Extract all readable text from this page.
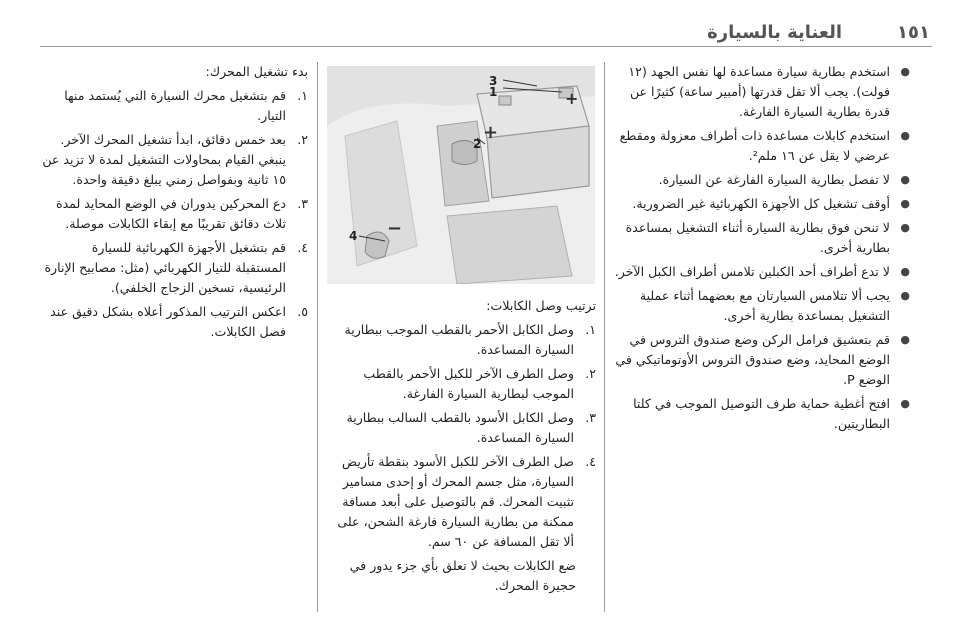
١٥١
العناية بالسيارة
● استخدم بطارية سيارة مساعدة لها نفس الجهد (١٢ فولت). يجب ألا تقل قدرتها (أمبير ساعة) كثيرًا عن قدرة بطارية السيارة الفارغة.
● استخدم كابلات مساعدة ذات أطراف معزولة ومقطع عرضي لا يقل عن ١٦ ملم².
● لا تفصل بطارية السيارة الفارغة عن السيارة.
● أوقف تشغيل كل الأجهزة الكهربائية غير الضرورية.
● لا تنحن فوق بطارية السيارة أثناء التشغيل بمساعدة بطارية أخرى.
● لا تدع أطراف أحد الكبلين تلامس أطراف الكبل الآخر.
● يجب ألا تتلامس السيارتان مع بعضهما أثناء عملية التشغيل بمساعدة بطارية أخرى.
● قم بتعشيق فرامل الركن وضع صندوق التروس في الوضع المحايد، وضع صندوق التروس الأوتوماتيكي في الوضع P.
● افتح أغطية حماية طرف التوصيل الموجب في كلتا البطاريتين.
+
+
−
3
1
2
4

ترتيب وصل الكابلات:

١.
وصل الكابل الأحمر بالقطب الموجب ببطارية السيارة المساعدة.
٢.
وصل الطرف الآخر للكبل الأحمر بالقطب الموجب لبطارية السيارة الفارغة.
٣.
وصل الكابل الأسود بالقطب السالب ببطارية السيارة المساعدة.
٤.
صل الطرف الآخر للكبل الأسود بنقطة تأريض السيارة، مثل جسم المحرك أو إحدى مسامير تثبيت المحرك. قم بالتوصيل على أبعد مسافة ممكنة من بطارية السيارة فارغة الشحن، على ألا تقل المسافة عن ٦٠ سم.

ضع الكابلات بحيث لا تعلق بأي جزء يدور في حجيرة المحرك.

بدء تشغيل المحرك:

١.
قم بتشغيل محرك السيارة التي يُستمد منها التيار.
٢.
بعد خمس دقائق، ابدأ تشغيل المحرك الآخر. ينبغي القيام بمحاولات التشغيل لمدة لا تزيد عن ١٥ ثانية وبفواصل زمني يبلغ دقيقة واحدة.
٣.
دع المحركين يدوران في الوضع المحايد لمدة ثلاث دقائق تقريبًا مع إبقاء الكابلات موصلة.
٤.
قم بتشغيل الأجهزة الكهربائية للسيارة المستقبلة للتيار الكهربائي (مثل: مصابيح الإنارة الرئيسية، تسخين الزجاج الخلفي).
٥.
اعكس الترتيب المذكور أعلاه بشكل دقيق عند فصل الكابلات.
